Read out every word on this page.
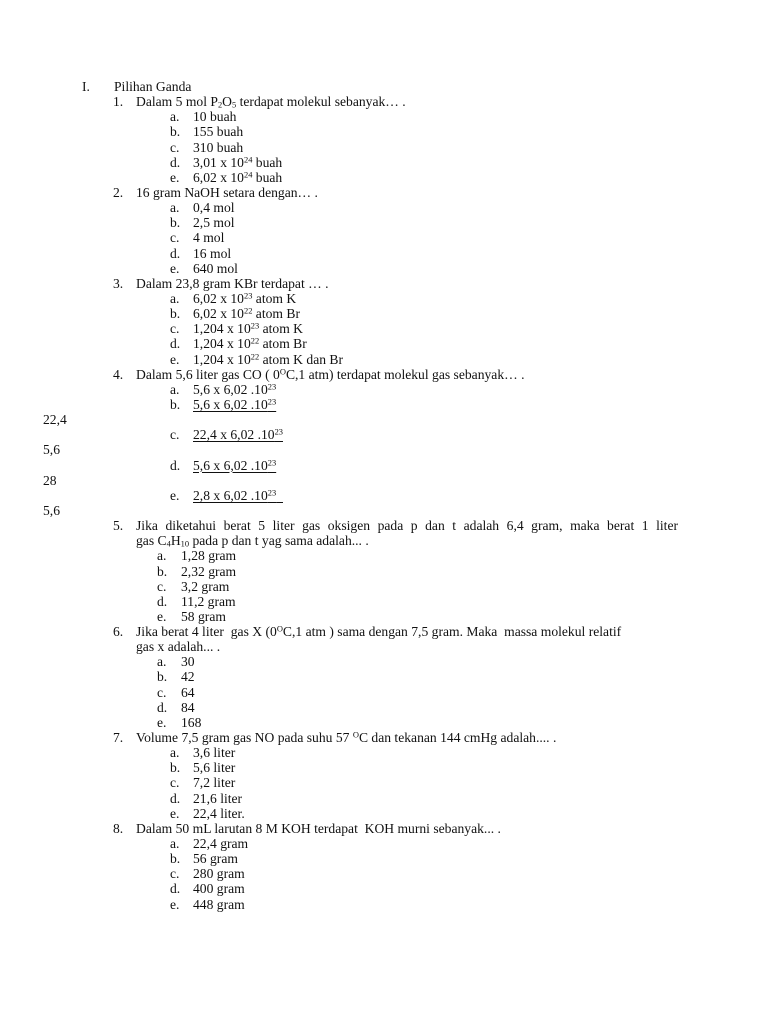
I. Pilihan Ganda
1. Dalam 5 mol $P_2O_5$ terdapat molekul sebanyak… .
a. 10 buah
b. 155 buah
c. 310 buah
d. 3,01 x $10^{24}$ buah
e. 6,02 x $10^{24}$ buah
2. 16 gram NaOH setara dengan… .
a. 0,4 mol
b. 2,5 mol
c. 4 mol
d. 16 mol
e. 640 mol
3. Dalam 23,8 gram KBr terdapat … .
a. 6,02 x $10^{23}$ atom K
b. 6,02 x $10^{22}$ atom Br
c. 1,204 x $10^{23}$ atom K
d. 1,204 x $10^{22}$ atom Br
e. 1,204 x $10^{22}$ atom K dan Br
4. Dalam 5,6 liter gas CO ( $0^OC,1$ atm) terdapat molekul gas sebanyak… .
a. 5,6 x 6,02 $.10^{23}$
b. 5,6 x 6,02 $.10^{23}$
22,4
c. 22,4 x 6,02 $.10^{23}$
5,6
d. 5,6 x 6,02 $.10^{23}$
28
e. 2,8 x 6,02 $.10^{23}$
5,6
5. Jika diketahui berat 5 liter gas oksigen pada p dan t adalah 6,4 gram, maka berat 1 liter
gas $C_4H_{10}$ pada p dan t yag sama adalah... .
a. 1,28 gram
b. 2,32 gram
c. 3,2 gram
d. 11,2 gram
e. 58 gram
6. Jika berat 4 liter  gas X ($0^OC,1$ atm ) sama dengan 7,5 gram. Maka  massa molekul relatif
gas x adalah... .
a. 30
b. 42
c. 64
d. 84
e. 168
7. Volume 7,5 gram gas NO pada suhu 57 $^O$C dan tekanan 144 cmHg adalah.... .
a. 3,6 liter
b. 5,6 liter
c. 7,2 liter
d. 21,6 liter
e. 22,4 liter.
8. Dalam 50 mL larutan 8 M KOH terdapat  KOH murni sebanyak... .
a. 22,4 gram
b. 56 gram
c. 280 gram
d. 400 gram
e. 448 gram
